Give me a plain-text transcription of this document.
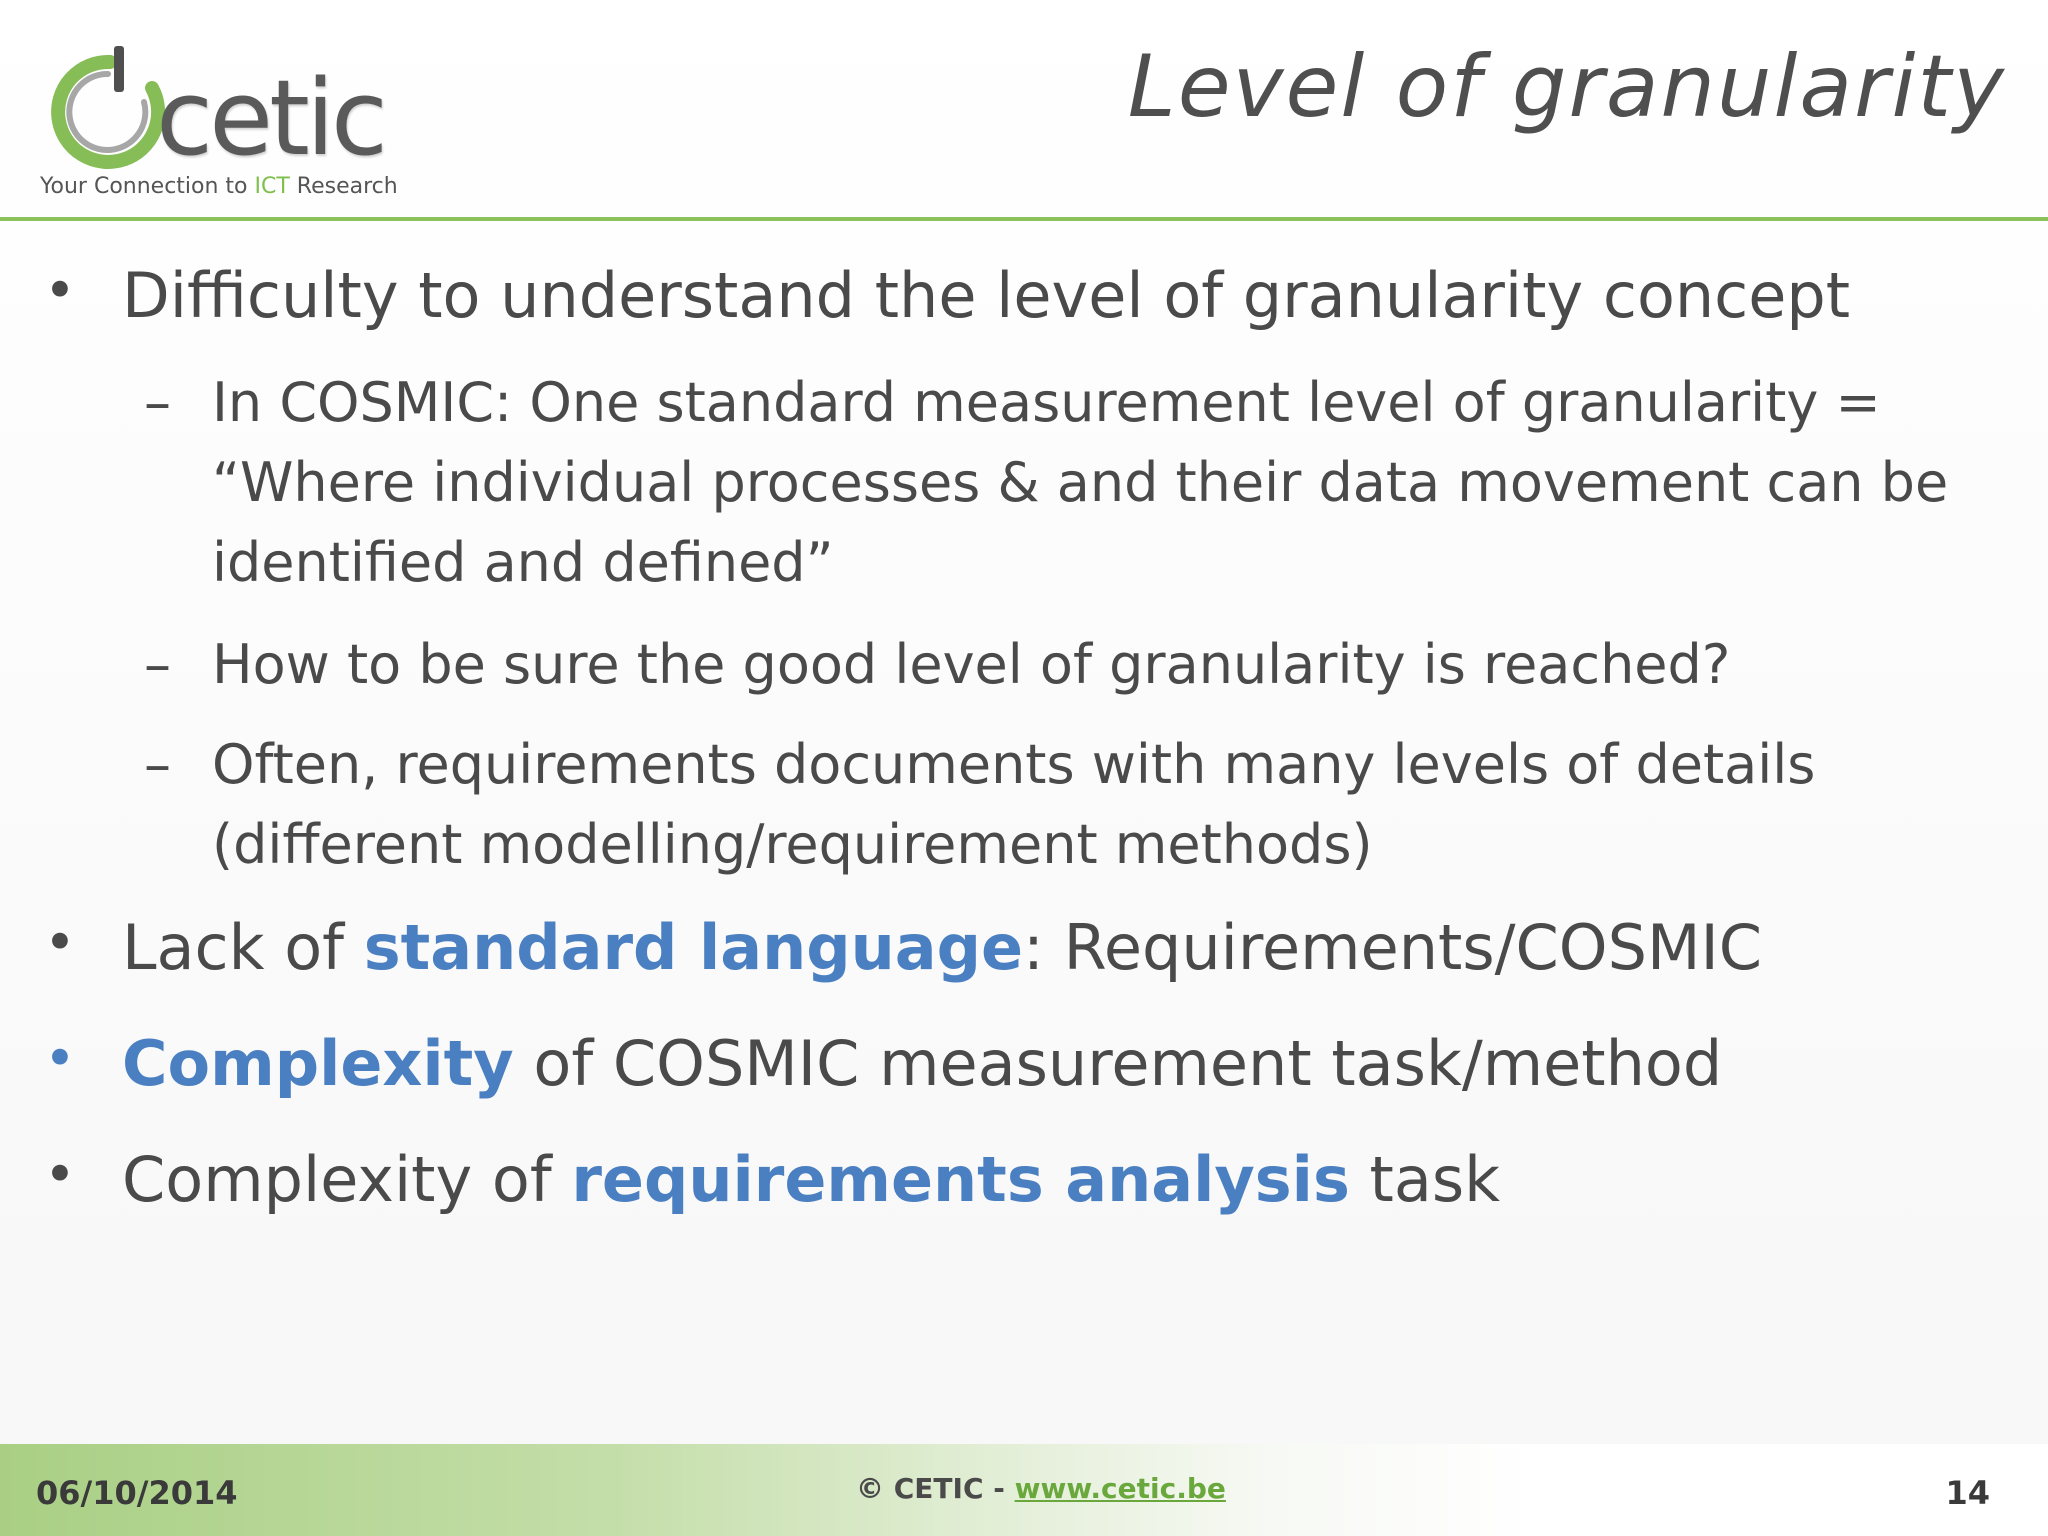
cetic
Your Connection to ICT Research
Level of granularity
• Difficulty to understand the level of granularity concept
– In COSMIC: One standard measurement level of granularity = “Where individual processes & and their data movement can be identified and defined”
– How to be sure the good level of granularity is reached?
– Often, requirements documents with many levels of details (different modelling/requirement methods)
• Lack of standard language: Requirements/COSMIC
• Complexity of COSMIC measurement task/method
• Complexity of requirements analysis task
06/10/2014	© CETIC - www.cetic.be	14
